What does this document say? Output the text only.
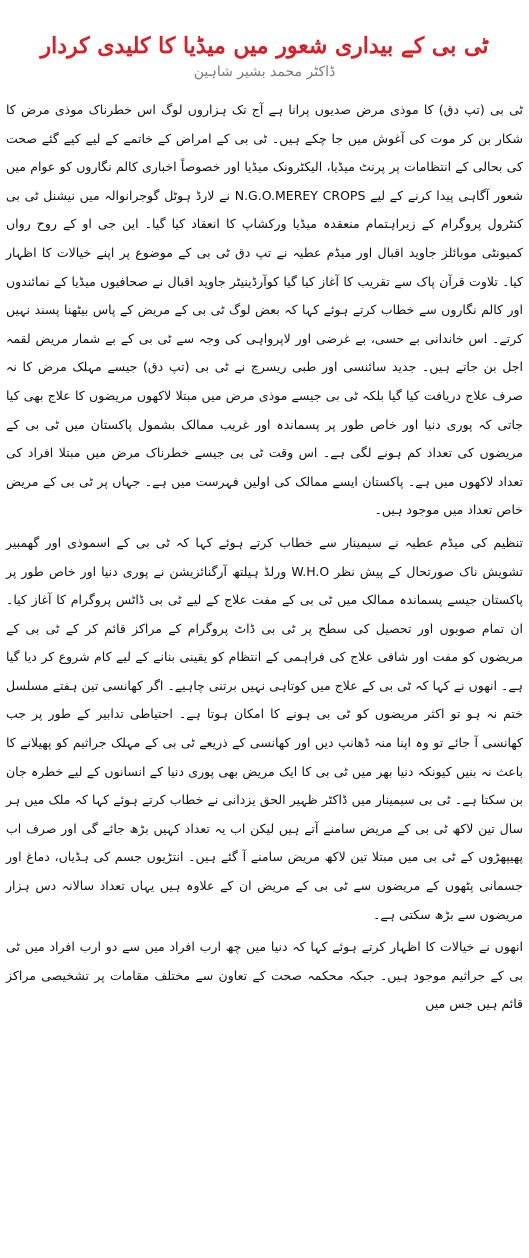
ٹی بی کے بیداری شعور میں میڈیا کا کلیدی کردار
ڈاکٹر محمد بشیر شاہین

ٹی بی (تپ دق) کا موذی مرض صدیوں پرانا ہے آج تک ہزاروں لوگ اس خطرناک موذی مرض کا شکار بن کر موت کی آغوش میں جا چکے ہیں۔ ٹی بی کے امراض کے خاتمے کے لیے کیے گئے صحت کی بحالی کے انتظامات پر پرنٹ میڈیا، الیکٹرونک میڈیا اور خصوصاً اخباری کالم نگاروں کو عوام میں شعور آگاہی پیدا کرنے کے لیے N.G.O.MEREY CROPS نے لارڈ ہوٹل گوجرانوالہ میں نیشنل ٹی بی کنٹرول پروگرام کے زیراہتمام منعقدہ میڈیا ورکشاپ کا انعقاد کیا گیا۔ این جی او کے روح رواں کمیونٹی موبائلز جاوید اقبال اور میڈم عطیہ نے تپ دق ٹی بی کے موضوع پر اپنے خیالات کا اظہار کیا۔ تلاوت قرآن پاک سے تقریب کا آغاز کیا گیا کوآرڈینیٹر جاوید اقبال نے صحافیوں میڈیا کے نمائندوں اور کالم نگاروں سے خطاب کرتے ہوئے کہا کہ بعض لوگ ٹی بی کے مریض کے پاس بیٹھنا پسند نہیں کرتے۔ اس خاندانی بے حسی، بے غرضی اور لاپرواہی کی وجہ سے ٹی بی کے بے شمار مریض لقمہ اجل بن جاتے ہیں۔ جدید سائنسی اور طبی ریسرچ نے ٹی بی (تپ دق) جیسے مہلک مرض کا نہ صرف علاج دریافت کیا گیا بلکہ ٹی بی جیسے موذی مرض میں مبتلا لاکھوں مریضوں کا علاج بھی کیا جاتی کہ پوری دنیا اور خاص طور پر پسماندہ اور غریب ممالک بشمول پاکستان میں ٹی بی کے مریضوں کی تعداد کم ہونے لگی ہے۔ اس وقت ٹی بی جیسے خطرناک مرض میں مبتلا افراد کی تعداد لاکھوں میں ہے۔ پاکستان ایسے ممالک کی اولین فہرست میں ہے۔ جہاں پر ٹی بی کے مریض خاص تعداد میں موجود ہیں۔

تنظیم کی میڈم عطیہ نے سیمینار سے خطاب کرتے ہوئے کہا کہ ٹی بی کے اسموذی اور گھمبیر تشویش ناک صورتحال کے پیش نظر W.H.O ورلڈ ہیلتھ آرگنائزیشن نے پوری دنیا اور خاص طور پر پاکستان جیسے پسماندہ ممالک میں ٹی بی کے مفت علاج کے لیے ٹی بی ڈاٹس پروگرام کا آغاز کیا۔ ان تمام صوبوں اور تحصیل کی سطح پر ٹی بی ڈاٹ پروگرام کے مراکز قائم کر کے ٹی بی کے مریضوں کو مفت اور شافی علاج کی فراہمی کے انتظام کو یقینی بنانے کے لیے کام شروع کر دیا گیا ہے۔ انھوں نے کہا کہ ٹی بی کے علاج میں کوتاہی نہیں برتنی چاہیے۔ اگر کھانسی تین ہفتے مسلسل ختم نہ ہو تو اکثر مریضوں کو ٹی بی ہونے کا امکان ہوتا ہے۔ احتیاطی تدابیر کے طور پر جب کھانسی آ جائے تو وہ اپنا منہ ڈھانپ دیں اور کھانسی کے ذریعے ٹی بی کے مہلک جراثیم کو پھیلانے کا باعث نہ بنیں کیونکہ دنیا بھر میں ٹی بی کا ایک مریض بھی پوری دنیا کے انسانوں کے لیے خطرہ جان بن سکتا ہے۔ ٹی بی سیمینار میں ڈاکٹر ظہیر الحق یزدانی نے خطاب کرتے ہوئے کہا کہ ملک میں ہر سال تین لاکھ ٹی بی کے مریض سامنے آتے ہیں لیکن اب یہ تعداد کہیں بڑھ جائے گی اور صرف اب پھیپھڑوں کے ٹی بی میں مبتلا تین لاکھ مریض سامنے آ گئے ہیں۔ انتڑیوں جسم کی ہڈیاں، دماغ اور جسمانی پٹھوں کے مریضوں سے ٹی بی کے مریض ان کے علاوہ ہیں یہاں تعداد سالانہ دس ہزار مریضوں سے بڑھ سکتی ہے۔

انھوں نے خیالات کا اظہار کرتے ہوئے کہا کہ دنیا میں چھ ارب افراد میں سے دو ارب افراد میں ٹی بی کے جراثیم موجود ہیں۔ جبکہ محکمہ صحت کے تعاون سے مختلف مقامات پر تشخیصی مراکز قائم ہیں جس میں
